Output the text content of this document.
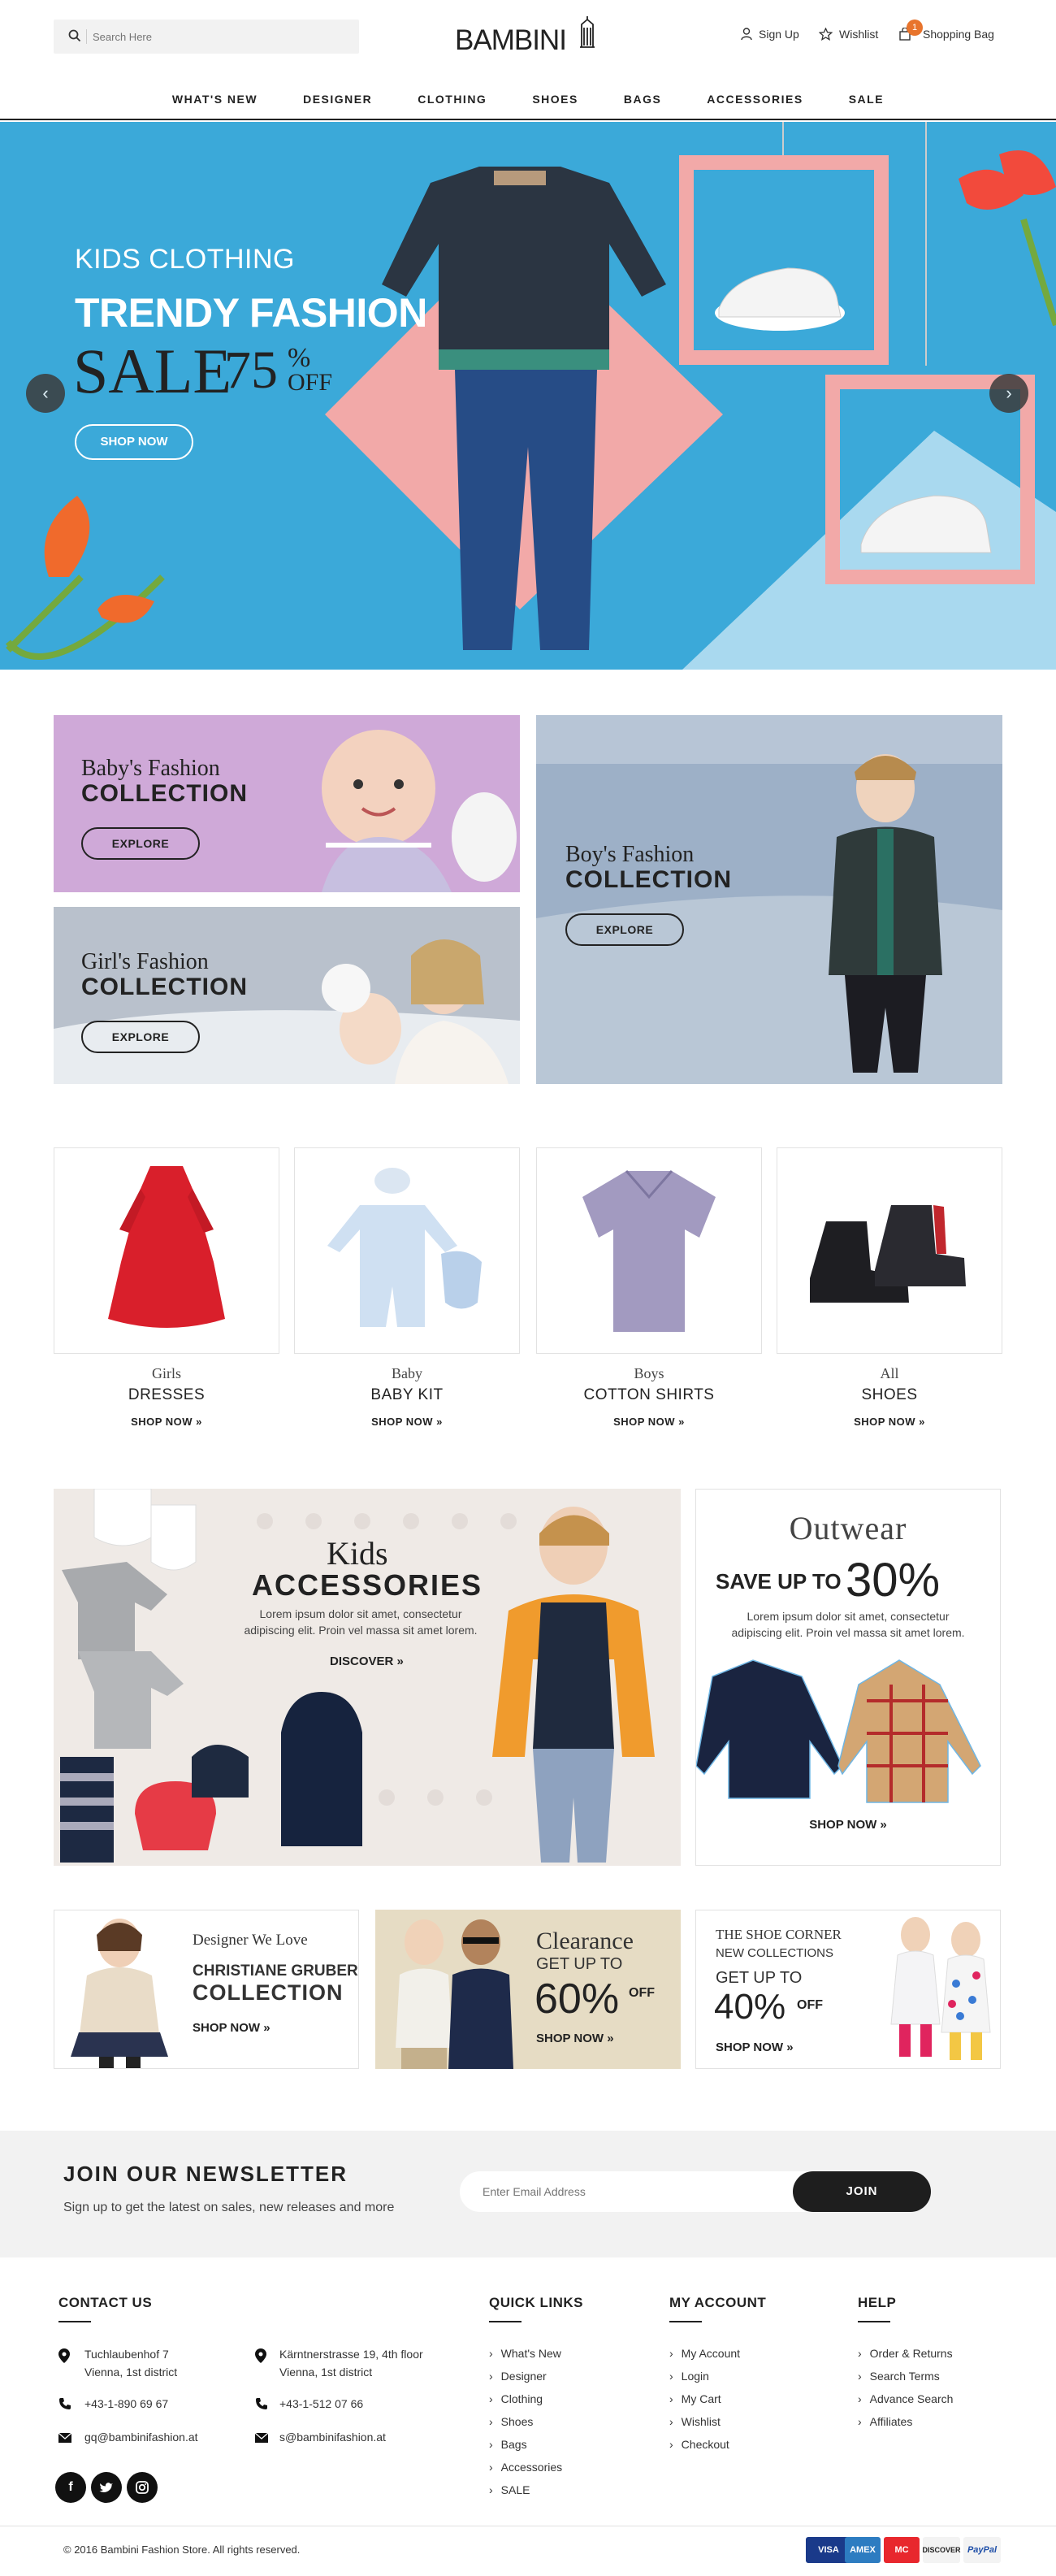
Search Here
BAMBINI	Sign Up	Wishlist	1 Shopping Bag
WHAT'S NEW	DESIGNER	CLOTHING	SHOES	BAGS	ACCESSORIES	SALE
KIDS CLOTHING
TRENDY FASHION
SALE
75 %
OFF
SHOP NOW
‹	›
Baby's Fashion
COLLECTION
EXPLORE
Girl's Fashion
COLLECTION
EXPLORE
Boy's Fashion
COLLECTION
EXPLORE
Girls
DRESSES
SHOP NOW »
Baby
BABY KIT
SHOP NOW »
Boys
COTTON SHIRTS
SHOP NOW »
All
SHOES
SHOP NOW »
Kids
ACCESSORIES
Lorem ipsum dolor sit amet, consectetur
adipiscing elit. Proin vel massa sit amet lorem.
DISCOVER »
Outwear
SAVE UP TO 30%
Lorem ipsum dolor sit amet, consectetur
adipiscing elit. Proin vel massa sit amet lorem.
SHOP NOW »
Designer We Love
CHRISTIANE GRUBER
COLLECTION
SHOP NOW »
Clearance
GET UP TO
60% OFF
SHOP NOW »
THE SHOE CORNER
NEW COLLECTIONS
GET UP TO
40% OFF
SHOP NOW »
JOIN OUR NEWSLETTER
Sign up to get the latest on sales, new releases and more
Enter Email Address
JOIN
CONTACT US
Tuchlaubenhof 7
Vienna, 1st district
Kärntnerstrasse 19, 4th floor
Vienna, 1st district
+43-1-890 69 67	+43-1-512 07 66
gq@bambinifashion.at	s@bambinifashion.at
f
QUICK LINKS
› What's New
› Designer
› Clothing
› Shoes
› Bags
› Accessories
› SALE
MY ACCOUNT
› My Account
› Login
› My Cart
› Wishlist
› Checkout
HELP
› Order & Returns
› Search Terms
› Advance Search
› Affiliates
© 2016 Bambini Fashion Store. All rights reserved.	VISA	AMEX	MC	DISCOVER PayPal
